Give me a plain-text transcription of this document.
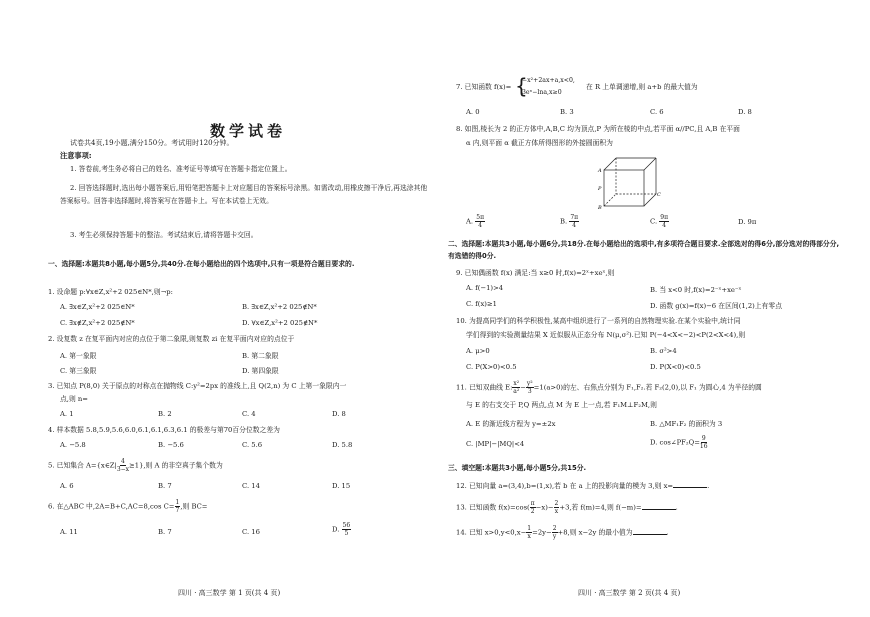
数学试卷
试卷共4页,19小题,满分150分。考试用时120分钟。
注意事项:
1. 答卷前,考生务必将自己的姓名、准考证号等填写在答题卡指定位置上。
2. 回答选择题时,选出每小题答案后,用铅笔把答题卡上对应题目的答案标号涂黑。如需改动,用橡皮擦干净后,再选涂其他答案标号。回答非选择题时,将答案写在答题卡上。写在本试卷上无效。
3. 考生必须保持答题卡的整洁。考试结束后,请将答题卡交回。
一、选择题:本题共8小题,每小题5分,共40分.在每小题给出的四个选项中,只有一项是符合题目要求的.
1. 设命题 p:∀x∈Z,x²+2 025∈N*,则¬p:
A. ∃x∈Z,x²+2 025∈N*	B. ∃x∈Z,x²+2 025∉N*
C. ∃x∉Z,x²+2 025∉N*	D. ∀x∈Z,x²+2 025∉N*
2. 设复数 z 在复平面内对应的点位于第二象限,则复数 zi 在复平面内对应的点位于
A. 第一象限	B. 第二象限
C. 第三象限	D. 第四象限
3. 已知点 P(8,0) 关于原点的对称点在抛物线 C:y²=2px 的准线上,且 Q(2,n) 为 C 上第一象限内一
点,则 n=
A. 1	B. 2	C. 4	D. 8
4. 样本数据 5.8,5.9,5.6,6.0,6.1,6.1,6.3,6.1 的极差与第70百分位数之差为
A. −5.8	B. −5.6	C. 5.6	D. 5.8
5. 已知集合 A={x∈Z| $\frac{4}{3-x} \ge 1$},则 A 的非空真子集个数为
A. 6	B. 7	C. 14	D. 15
6. 在△ABC 中,2A=B+C,AC=8,cos $C= \frac{1}{7}$ ,则 BC=
A. 11	B. 7	C. 16	D. $\frac{56}{5}$
四川 · 高三数学 第 1 页(共 4 页)
7. 已知函数 f(x)= {
−x²+2ax+a,x<0,
3eˣ−lna,x≥0
在 R 上单调递增,则 a+b 的最大值为
A. 0	B. 3	C. 6	D. 8
8. 如图,棱长为 2 的正方体中,A,B,C 均为顶点,P 为所在棱的中点,若平面 α//PC,且 A,B 在平面
α 内,则平面 α 截正方体所得图形的外接圆面积为
A
P
B
C
A. $\frac{5\pi}{4}$	B. $\frac{7\pi}{4}$	C. $\frac{9\pi}{4}$	D. 9π
二、选择题:本题共3小题,每小题6分,共18分.在每小题给出的选项中,有多项符合题目要求.全部选对的得6分,部分选对的得部分分,有选错的得0分.
9. 已知偶函数 f(x) 满足:当 x≥0 时,f(x)=2ˣ+xeˣ,则
A. f(−1)>4	B. 当 x<0 时,f(x)=2⁻ˣ+xe⁻ˣ
C. f(x)≥1	D. 函数 g(x)=f(x)−6 在区间(1,2)上有零点
10. 为提高同学们的科学积极性,某高中组织进行了一系列的自然物理实验.在某个实验中,统计同
学们得到的实验测量结果 X 近似服从正态分布 N(μ,σ²).已知 P(−4<X<−2)<P(2<X<4),则
A. μ>0	B. σ²>4
C. P(X>0)<0.5	D. P(X<0)<0.5
11. 已知双曲线 E: $\frac{\text{x²}}{\text{a²}} - \frac{\text{y²}}{3} =1(a>0)$的左、右焦点分别为 F₁,F₂.若 F₂(2,0),以 F₁ 为圆心,4 为半径的圆
与 E 的右支交于 P,Q 两点,点 M 为 E 上一点,若 F₁M⊥F₂M,则
A. E 的渐近线方程为 y=±2x	B. △MF₁F₂ 的面积为 3
C. |MP|−|MQ|<4	D. cos∠PF₂Q= $\frac{9}{16}$
三、填空题:本题共3小题,每小题5分,共15分.
12. 已知向量 a=(3,4),b=(1,x),若 b 在 a 上的投影向量的模为 3,则 x=	.
13. 已知函数 $f(x)=\cos( \frac{\pi}{2} -x)- \frac{2}{x} +3$,若 f(m)=4,则 f(−m)=	.
14. 已知 $x>0,y<0,x- \frac{1}{x} =2y- \frac{2}{y} +8$,则 x−2y 的最小值为	.
四川 · 高三数学 第 2 页(共 4 页)
